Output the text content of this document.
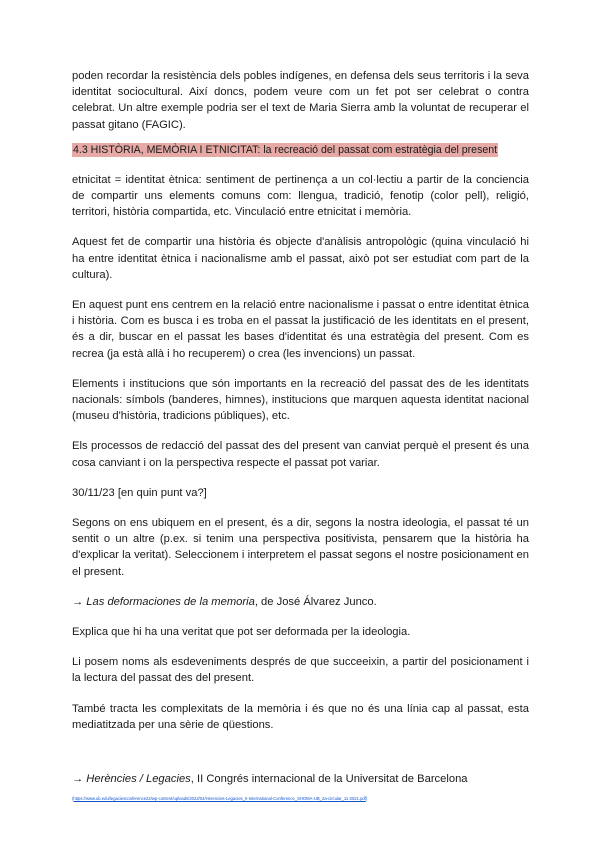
poden recordar la resistència dels pobles indígenes, en defensa dels seus territoris i la seva identitat sociocultural. Així doncs, podem veure com un fet pot ser celebrat o contra celebrat. Un altre exemple podria ser el text de Maria Sierra amb la voluntat de recuperar el passat gitano (FAGIC).

4.3 HISTÒRIA, MEMÒRIA I ETNICITAT: la recreació del passat com estratègia del present

etnicitat = identitat ètnica: sentiment de pertinença a un col·lectiu a partir de la conciencia de compartir uns elements comuns com: llengua, tradició, fenotip (color pell), religió, territori, història compartida, etc. Vinculació entre etnicitat i memòria.

Aquest fet de compartir una història és objecte d'anàlisis antropològic (quina vinculació hi ha entre identitat ètnica i nacionalisme amb el passat, això pot ser estudiat com part de la cultura).

En aquest punt ens centrem en la relació entre nacionalisme i passat o entre identitat ètnica i història. Com es busca i es troba en el passat la justificació de les identitats en el present, és a dir, buscar en el passat les bases d'identitat és una estratègia del present. Com es recrea (ja està allà i ho recuperem) o crea (les invencions) un passat.

Elements i institucions que són importants en la recreació del passat des de les identitats nacionals: símbols (banderes, himnes), institucions que marquen aquesta identitat nacional (museu d'història, tradicions públiques), etc.

Els processos de redacció del passat des del present van canviat perquè el present és una cosa canviant i on la perspectiva respecte el passat pot variar.

30/11/23 [en quin punt va?]

Segons on ens ubiquem en el present, és a dir, segons la nostra ideologia, el passat té un sentit o un altre (p.ex. si tenim una perspectiva positivista, pensarem que la història ha d'explicar la veritat). Seleccionem i interpretem el passat segons el nostre posicionament en el present.

→ Las deformaciones de la memoria, de José Álvarez Junco.

Explica que hi ha una veritat que pot ser deformada per la ideologia.

Li posem noms als esdeveniments després de que succeeixin, a partir del posicionament i la lectura del passat des del present.

També tracta les complexitats de la memòria i és que no és una línia cap al passat, esta mediatitzada per una sèrie de qüestions.

→ Herències / Legacies, II Congrés internacional de la Universitat de Barcelona

(https://www.ub.edu/legaciesconference22/wp-content/uploads/2022/04/Herencies-Legacies_II-International-Conference_SHOMA-UB_2a-circular_11-2021.pdf)
